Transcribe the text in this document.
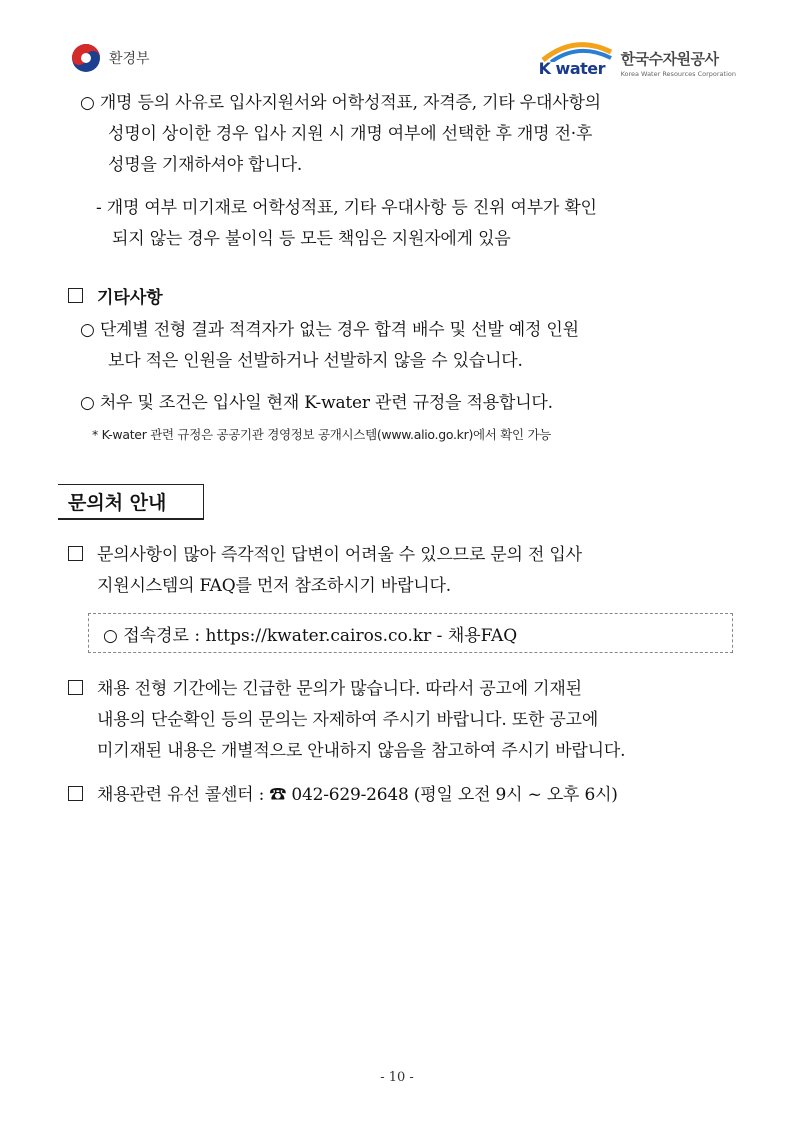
환경부	K water 한국수자원공사
Korea Water Resources Corporation
○ 개명 등의 사유로 입사지원서와 어학성적표, 자격증, 기타 우대사항의
성명이 상이한 경우 입사 지원 시 개명 여부에 선택한 후 개명 전·후
성명을 기재하셔야 합니다.
- 개명 여부 미기재로 어학성적표, 기타 우대사항 등 진위 여부가 확인
되지 않는 경우 불이익 등 모든 책임은 지원자에게 있음
기타사항
○ 단계별 전형 결과 적격자가 없는 경우 합격 배수 및 선발 예정 인원
보다 적은 인원을 선발하거나 선발하지 않을 수 있습니다.
○ 처우 및 조건은 입사일 현재 K-water 관련 규정을 적용합니다.
* K-water 관련 규정은 공공기관 경영정보 공개시스템(www.alio.go.kr)에서 확인 가능
문의처 안내
문의사항이 많아 즉각적인 답변이 어려울 수 있으므로 문의 전 입사
지원시스템의 FAQ를 먼저 참조하시기 바랍니다.
○ 접속경로 : https://kwater.cairos.co.kr - 채용FAQ
채용 전형 기간에는 긴급한 문의가 많습니다. 따라서 공고에 기재된
내용의 단순확인 등의 문의는 자제하여 주시기 바랍니다. 또한 공고에
미기재된 내용은 개별적으로 안내하지 않음을 참고하여 주시기 바랍니다.
채용관련 유선 콜센터 : ☎ 042-629-2648 (평일 오전 9시 ~ 오후 6시)
- 10 -
